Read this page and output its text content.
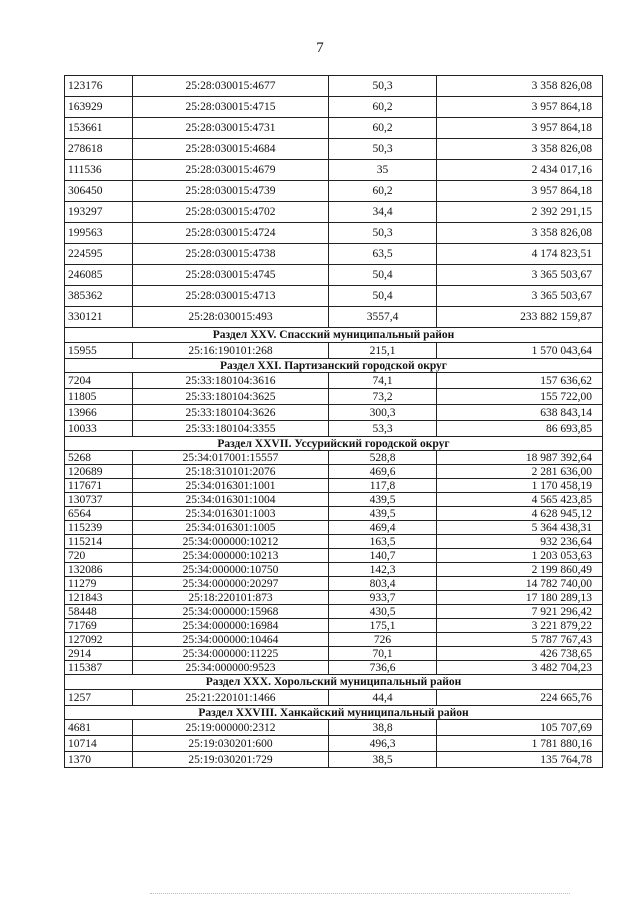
7
123176	25:28:030015:4677	50,3	3 358 826,08
163929	25:28:030015:4715	60,2	3 957 864,18
153661	25:28:030015:4731	60,2	3 957 864,18
278618	25:28:030015:4684	50,3	3 358 826,08
111536	25:28:030015:4679	35	2 434 017,16
306450	25:28:030015:4739	60,2	3 957 864,18
193297	25:28:030015:4702	34,4	2 392 291,15
199563	25:28:030015:4724	50,3	3 358 826,08
224595	25:28:030015:4738	63,5	4 174 823,51
246085	25:28:030015:4745	50,4	3 365 503,67
385362	25:28:030015:4713	50,4	3 365 503,67
330121	25:28:030015:493	3557,4	233 882 159,87
Раздел XXV. Спасский муниципальный район			
15955	25:16:190101:268	215,1	1 570 043,64
Раздел XXI. Партизанский городской округ			
7204	25:33:180104:3616	74,1	157 636,62
11805	25:33:180104:3625	73,2	155 722,00
13966	25:33:180104:3626	300,3	638 843,14
10033	25:33:180104:3355	53,3	86 693,85
Раздел XXVII. Уссурийский городской округ			
5268	25:34:017001:15557	528,8	18 987 392,64
120689	25:18:310101:2076	469,6	2 281 636,00
117671	25:34:016301:1001	117,8	1 170 458,19
130737	25:34:016301:1004	439,5	4 565 423,85
6564	25:34:016301:1003	439,5	4 628 945,12
115239	25:34:016301:1005	469,4	5 364 438,31
115214	25:34:000000:10212	163,5	932 236,64
720	25:34:000000:10213	140,7	1 203 053,63
132086	25:34:000000:10750	142,3	2 199 860,49
11279	25:34:000000:20297	803,4	14 782 740,00
121843	25:18:220101:873	933,7	17 180 289,13
58448	25:34:000000:15968	430,5	7 921 296,42
71769	25:34:000000:16984	175,1	3 221 879,22
127092	25:34:000000:10464	726	5 787 767,43
2914	25:34:000000:11225	70,1	426 738,65
115387	25:34:000000:9523	736,6	3 482 704,23
Раздел XXX. Хорольский муниципальный район			
1257	25:21:220101:1466	44,4	224 665,76
Раздел XXVIII. Ханкайский муниципальный район			
4681	25:19:000000:2312	38,8	105 707,69
10714	25:19:030201:600	496,3	1 781 880,16
1370	25:19:030201:729	38,5	135 764,78
